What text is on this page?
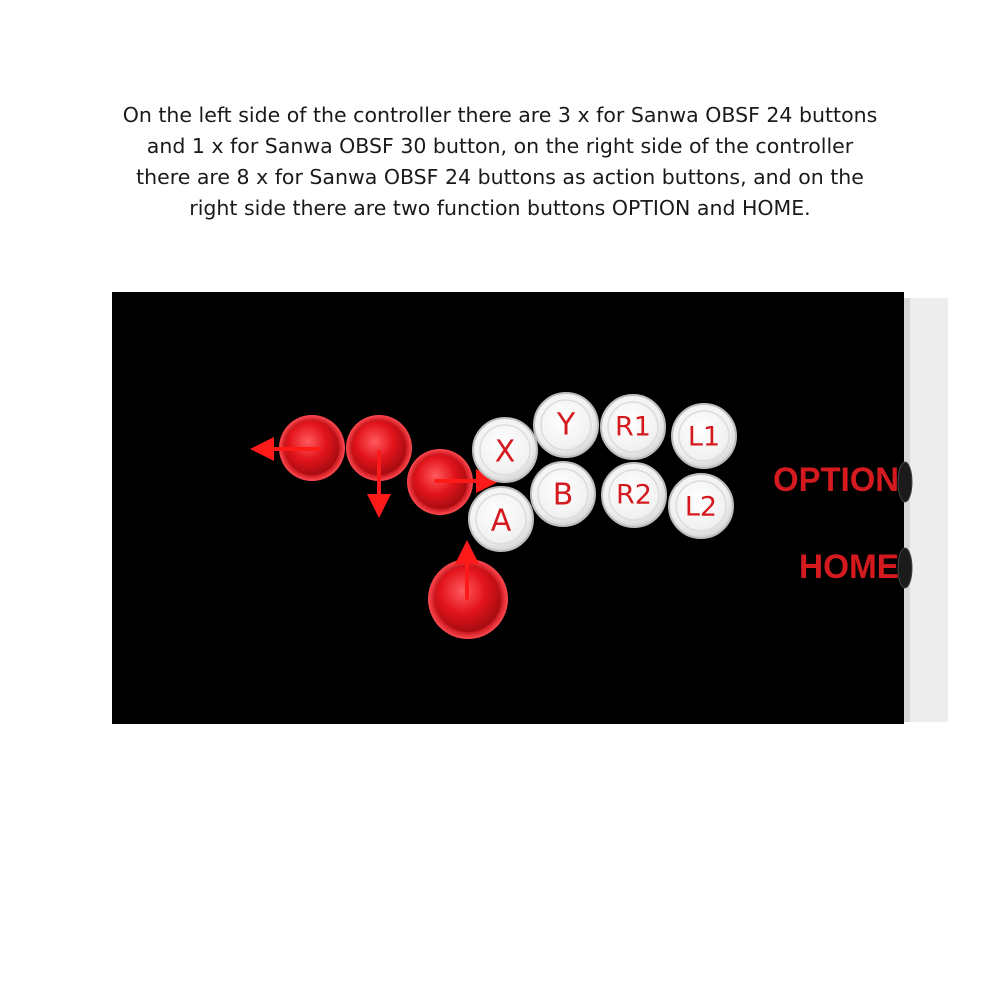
On the left side of the controller there are 3 x for Sanwa OBSF 24 buttons
and 1 x for Sanwa OBSF 30 button, on the right side of the controller
there are 8 x for Sanwa OBSF 24 buttons as action buttons, and on the
right side there are two function buttons OPTION and HOME.
X
Y R1 L1
A
B R2 L2
OPTION
HOME
